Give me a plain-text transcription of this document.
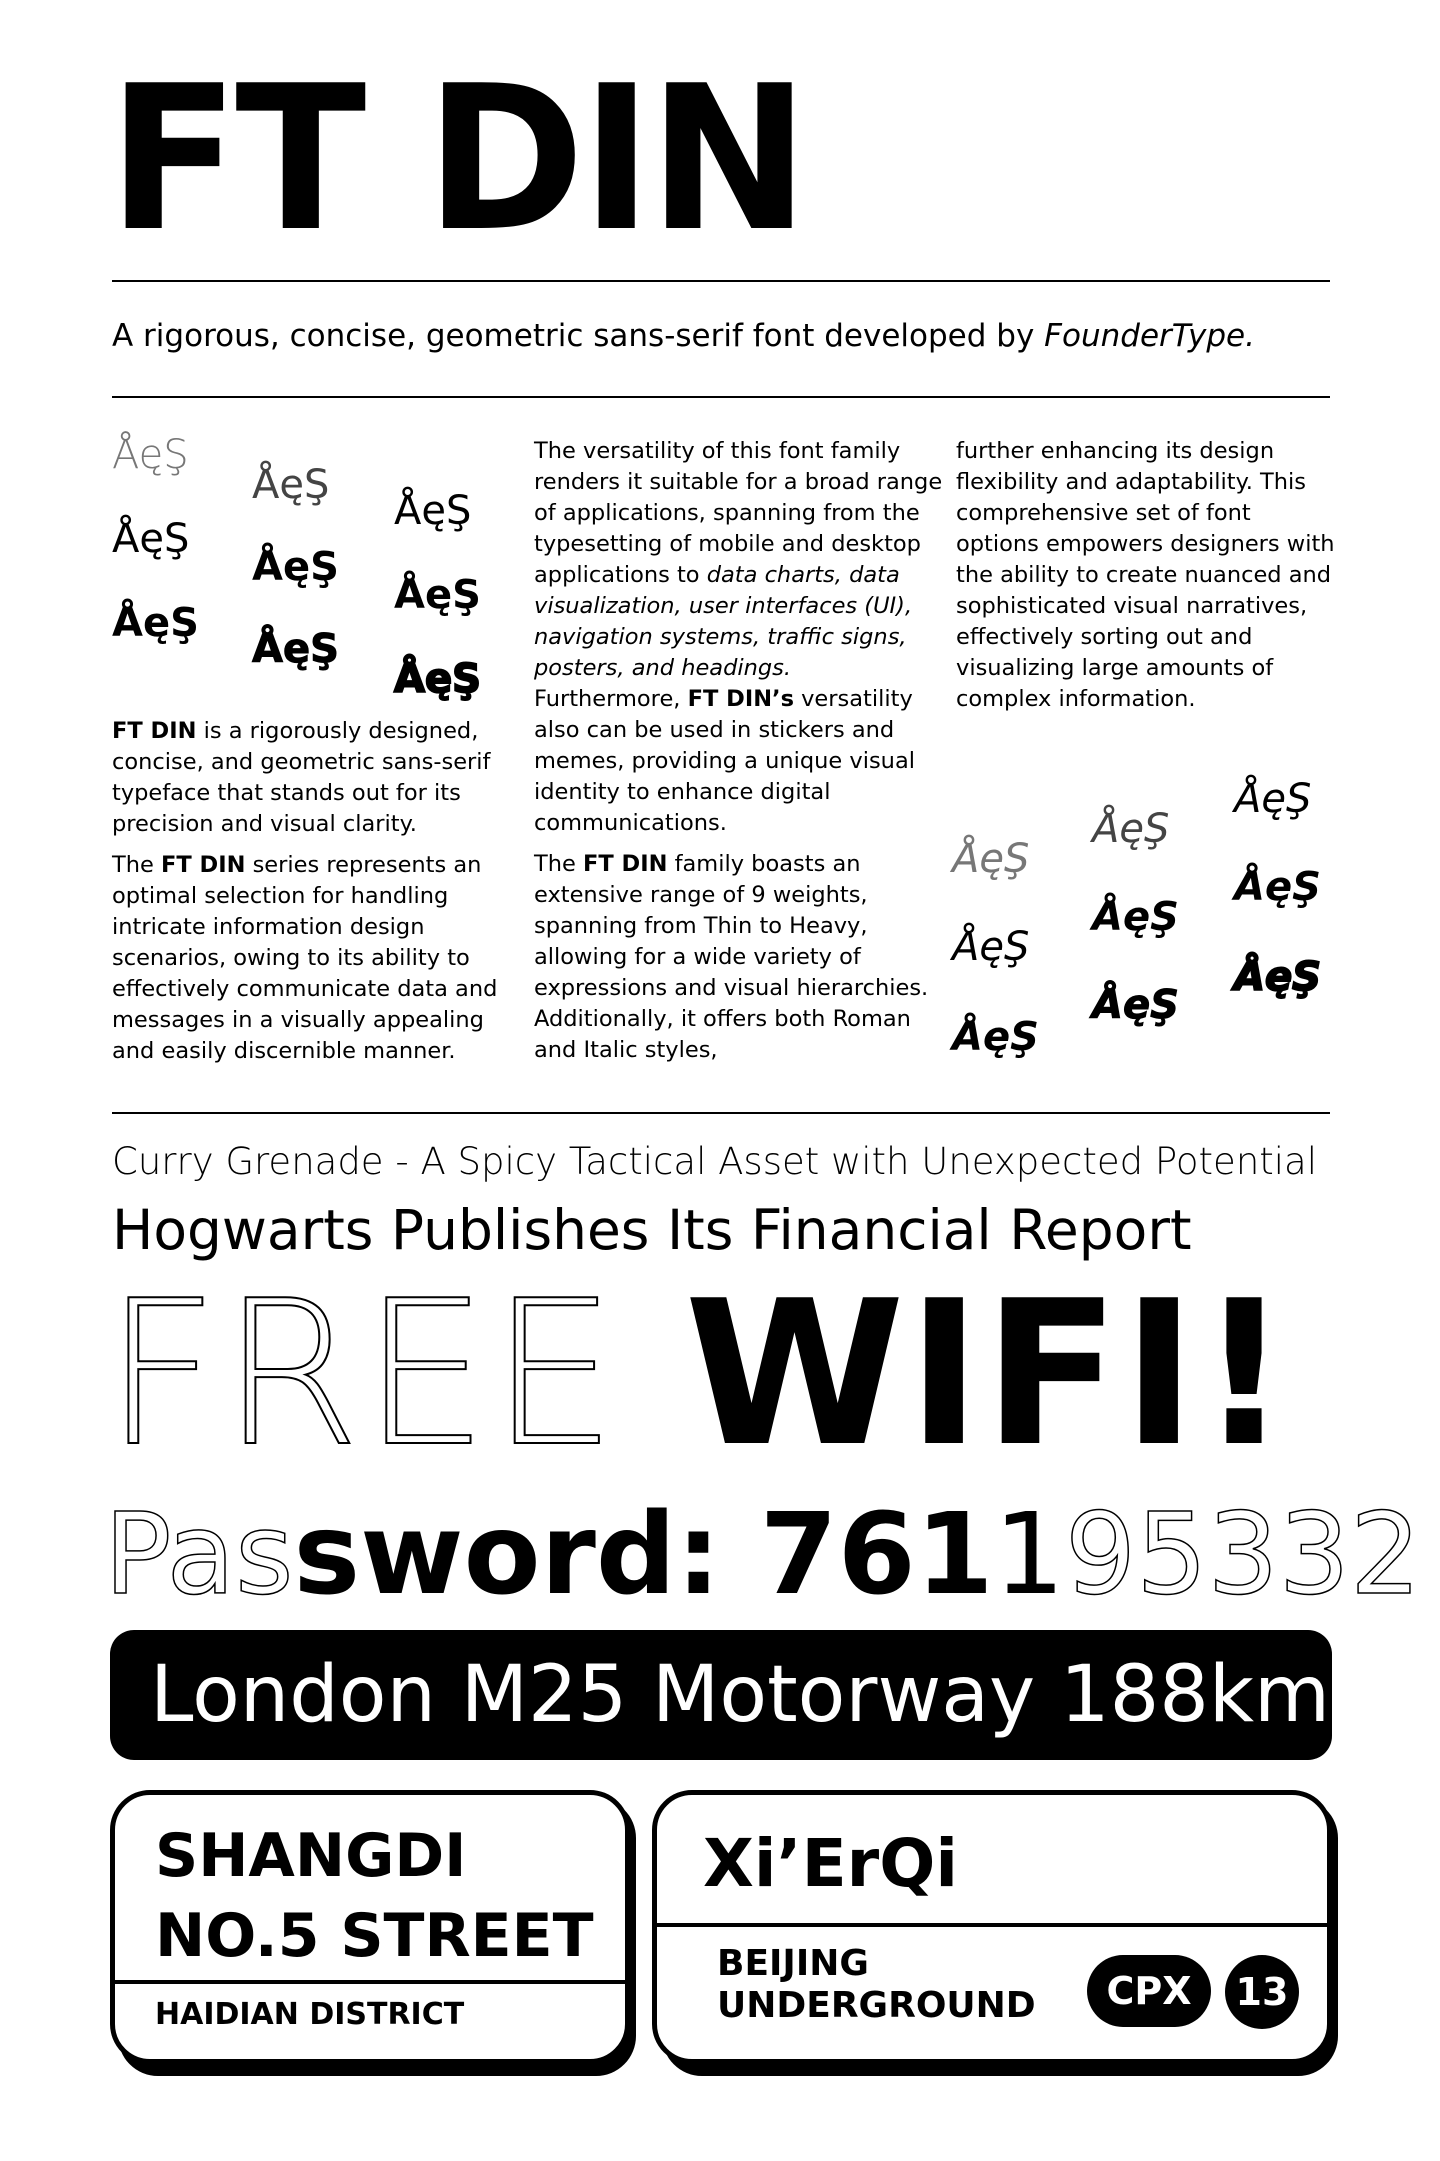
FT DIN
A rigorous, concise, geometric sans-serif font developed by FounderType.
ÅęŞ
ÅęŞ
ÅęŞ
ÅęŞ
ÅęŞ
ÅęŞ
ÅęŞ
ÅęŞ
ÅęŞ

FT DIN is a rigorously designed, concise, and geometric sans-serif typeface that stands out for its precision and visual clarity.

The FT DIN series represents an optimal selection for handling intricate information design scenarios, owing to its ability to effectively communicate data and messages in a visually appealing and easily discernible manner.

The versatility of this font family renders it suitable for a broad range of applications, spanning from the typesetting of mobile and desktop applications to data charts, data visualization, user interfaces (UI), navigation systems, traffic signs, posters, and headings. Furthermore, FT DIN’s versatility also can be used in stickers and memes, providing a unique visual identity to enhance digital communications.

The FT DIN family boasts an extensive range of 9 weights, spanning from Thin to Heavy, allowing for a wide variety of expressions and visual hierarchies. Additionally, it offers both Roman and Italic styles,

further enhancing its design flexibility and adaptability. This comprehensive set of font options empowers designers with the ability to create nuanced and sophisticated visual narratives, effectively sorting out and visualizing large amounts of complex information.

ÅęŞ
ÅęŞ
ÅęŞ
ÅęŞ
ÅęŞ
ÅęŞ
ÅęŞ
ÅęŞ
ÅęŞ
Curry Grenade - A Spicy Tactical Asset with Unexpected Potential
Hogwarts Publishes Its Financial Report
FREE WIFI!
Password: 761195332
London M25 Motorway 188km
SHANGDI
NO.5 STREET
HAIDIAN DISTRICT
Xi’ErQi
BEIJING
UNDERGROUND	CPX	13
